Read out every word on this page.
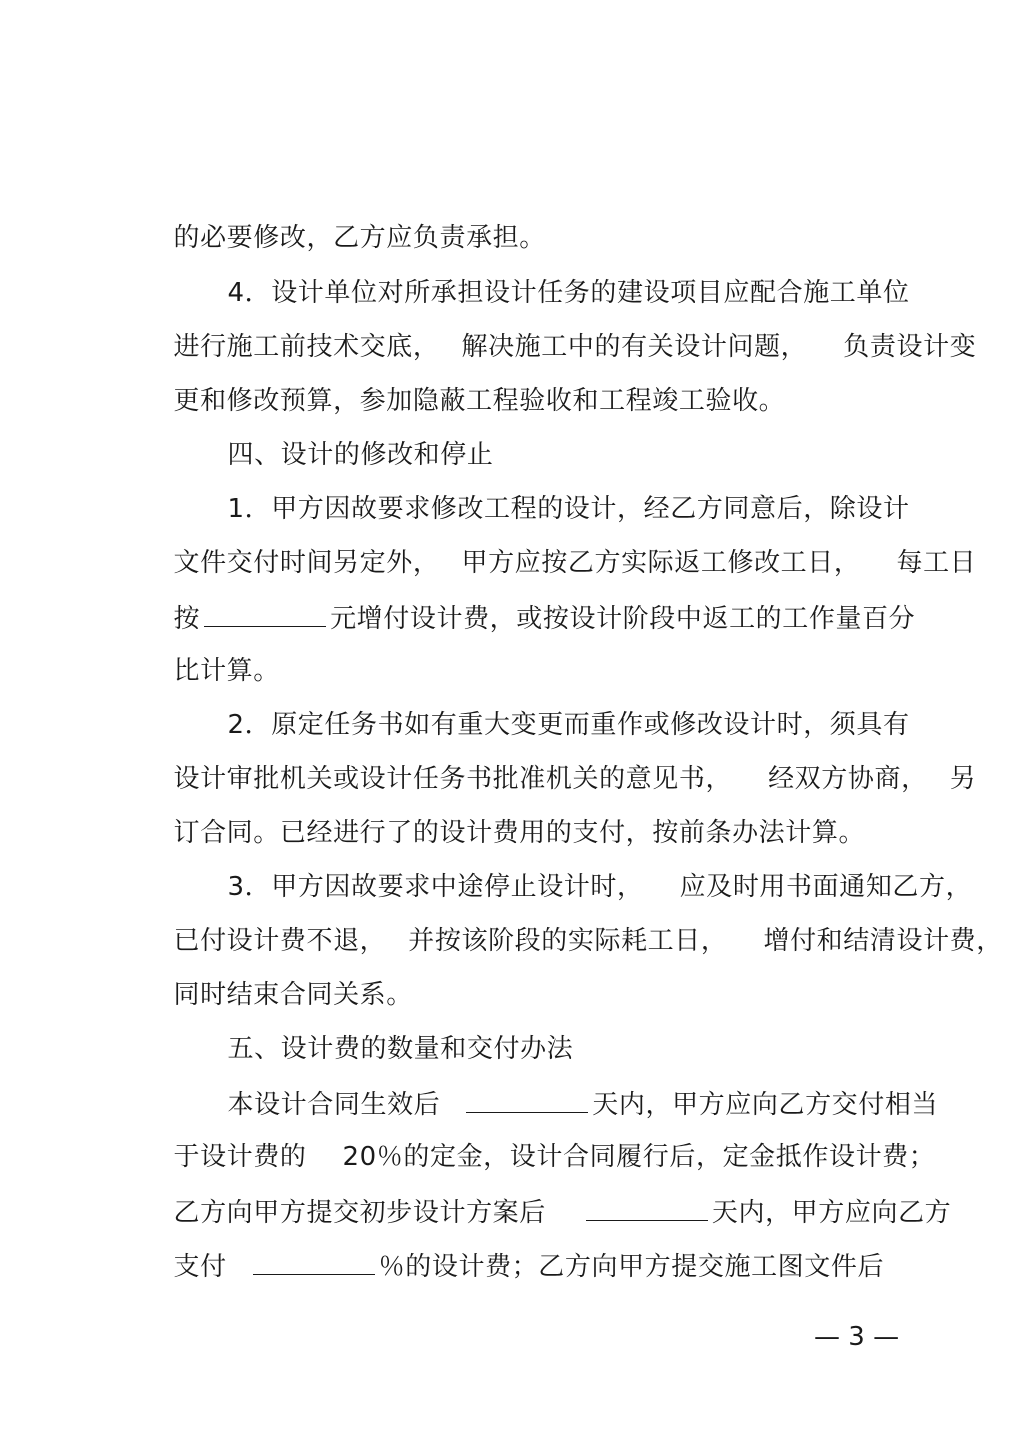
的必要修改，乙方应负责承担。

4．设计单位对所承担设计任务的建设项目应配合施工单位

进行施工前技术交底， 解决施工中的有关设计问题， 负责设计变

更和修改预算，参加隐蔽工程验收和工程竣工验收。

四、设计的修改和停止

1．甲方因故要求修改工程的设计，经乙方同意后，除设计

文件交付时间另定外， 甲方应按乙方实际返工修改工日， 每工日

按	元增付设计费，或按设计阶段中返工的工作量百分

比计算。

2．原定任务书如有重大变更而重作或修改设计时，须具有

设计审批机关或设计任务书批准机关的意见书， 经双方协商， 另

订合同。已经进行了的设计费用的支付，按前条办法计算。

3．甲方因故要求中途停止设计时， 应及时用书面通知乙方，

已付设计费不退， 并按该阶段的实际耗工日， 增付和结清设计费，

同时结束合同关系。

五、设计费的数量和交付办法

本设计合同生效后	天内，甲方应向乙方交付相当

于设计费的 20％的定金，设计合同履行后，定金抵作设计费；

乙方向甲方提交初步设计方案后	天内，甲方应向乙方

支付	％的设计费；乙方向甲方提交施工图文件后

— 3 —
